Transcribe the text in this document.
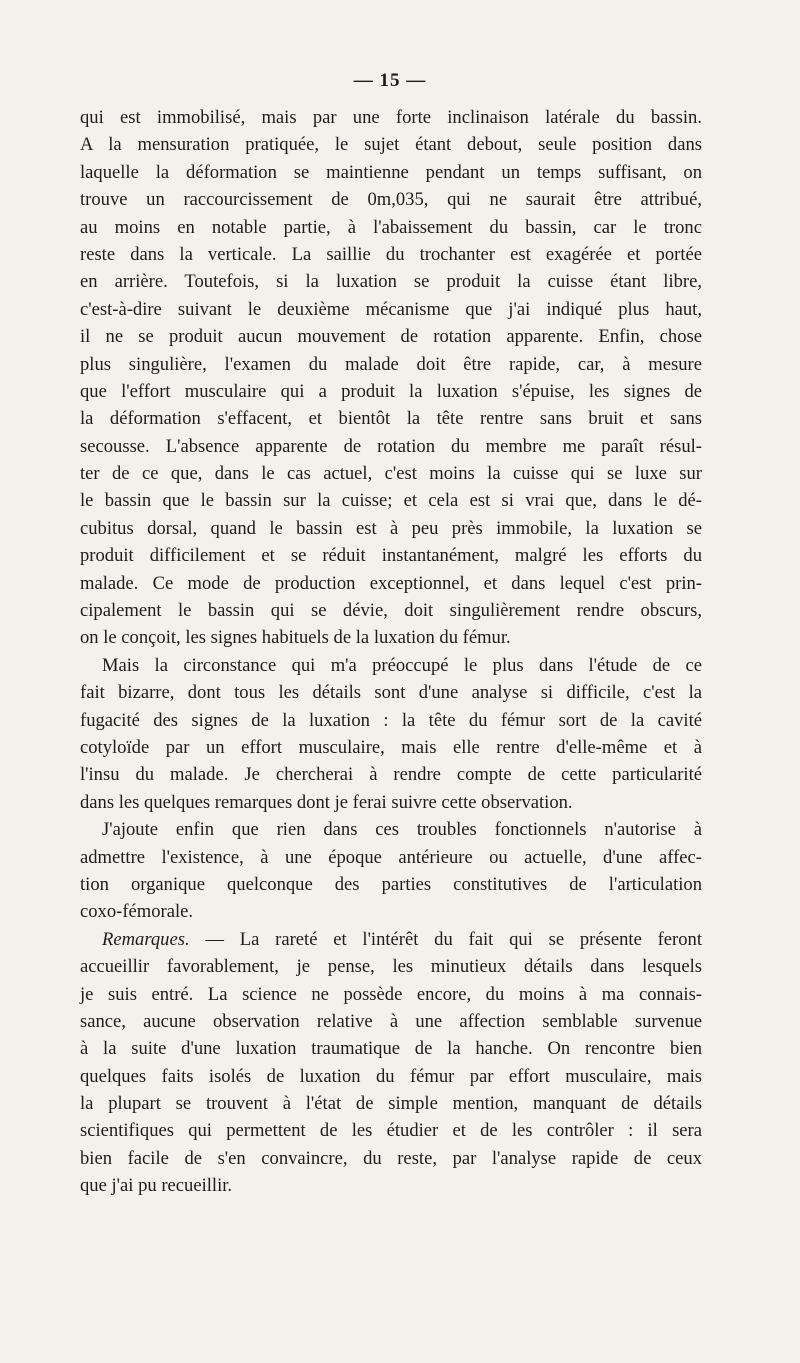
— 15 —
qui est immobilisé, mais par une forte inclinaison latérale du bassin.
A la mensuration pratiquée, le sujet étant debout, seule position dans
laquelle la déformation se maintienne pendant un temps suffisant, on
trouve un raccourcissement de 0m,035, qui ne saurait être attribué,
au moins en notable partie, à l'abaissement du bassin, car le tronc
reste dans la verticale. La saillie du trochanter est exagérée et portée
en arrière. Toutefois, si la luxation se produit la cuisse étant libre,
c'est-à-dire suivant le deuxième mécanisme que j'ai indiqué plus haut,
il ne se produit aucun mouvement de rotation apparente. Enfin, chose
plus singulière, l'examen du malade doit être rapide, car, à mesure
que l'effort musculaire qui a produit la luxation s'épuise, les signes de
la déformation s'effacent, et bientôt la tête rentre sans bruit et sans
secousse. L'absence apparente de rotation du membre me paraît résul-
ter de ce que, dans le cas actuel, c'est moins la cuisse qui se luxe sur
le bassin que le bassin sur la cuisse; et cela est si vrai que, dans le dé-
cubitus dorsal, quand le bassin est à peu près immobile, la luxation se
produit difficilement et se réduit instantanément, malgré les efforts du
malade. Ce mode de production exceptionnel, et dans lequel c'est prin-
cipalement le bassin qui se dévie, doit singulièrement rendre obscurs,
on le conçoit, les signes habituels de la luxation du fémur.
Mais la circonstance qui m'a préoccupé le plus dans l'étude de ce
fait bizarre, dont tous les détails sont d'une analyse si difficile, c'est la
fugacité des signes de la luxation : la tête du fémur sort de la cavité
cotyloïde par un effort musculaire, mais elle rentre d'elle-même et à
l'insu du malade. Je chercherai à rendre compte de cette particularité
dans les quelques remarques dont je ferai suivre cette observation.
J'ajoute enfin que rien dans ces troubles fonctionnels n'autorise à
admettre l'existence, à une époque antérieure ou actuelle, d'une affec-
tion organique quelconque des parties constitutives de l'articulation
coxo-fémorale.
Remarques. — La rareté et l'intérêt du fait qui se présente feront
accueillir favorablement, je pense, les minutieux détails dans lesquels
je suis entré. La science ne possède encore, du moins à ma connais-
sance, aucune observation relative à une affection semblable survenue
à la suite d'une luxation traumatique de la hanche. On rencontre bien
quelques faits isolés de luxation du fémur par effort musculaire, mais
la plupart se trouvent à l'état de simple mention, manquant de détails
scientifiques qui permettent de les étudier et de les contrôler : il sera
bien facile de s'en convaincre, du reste, par l'analyse rapide de ceux
que j'ai pu recueillir.
